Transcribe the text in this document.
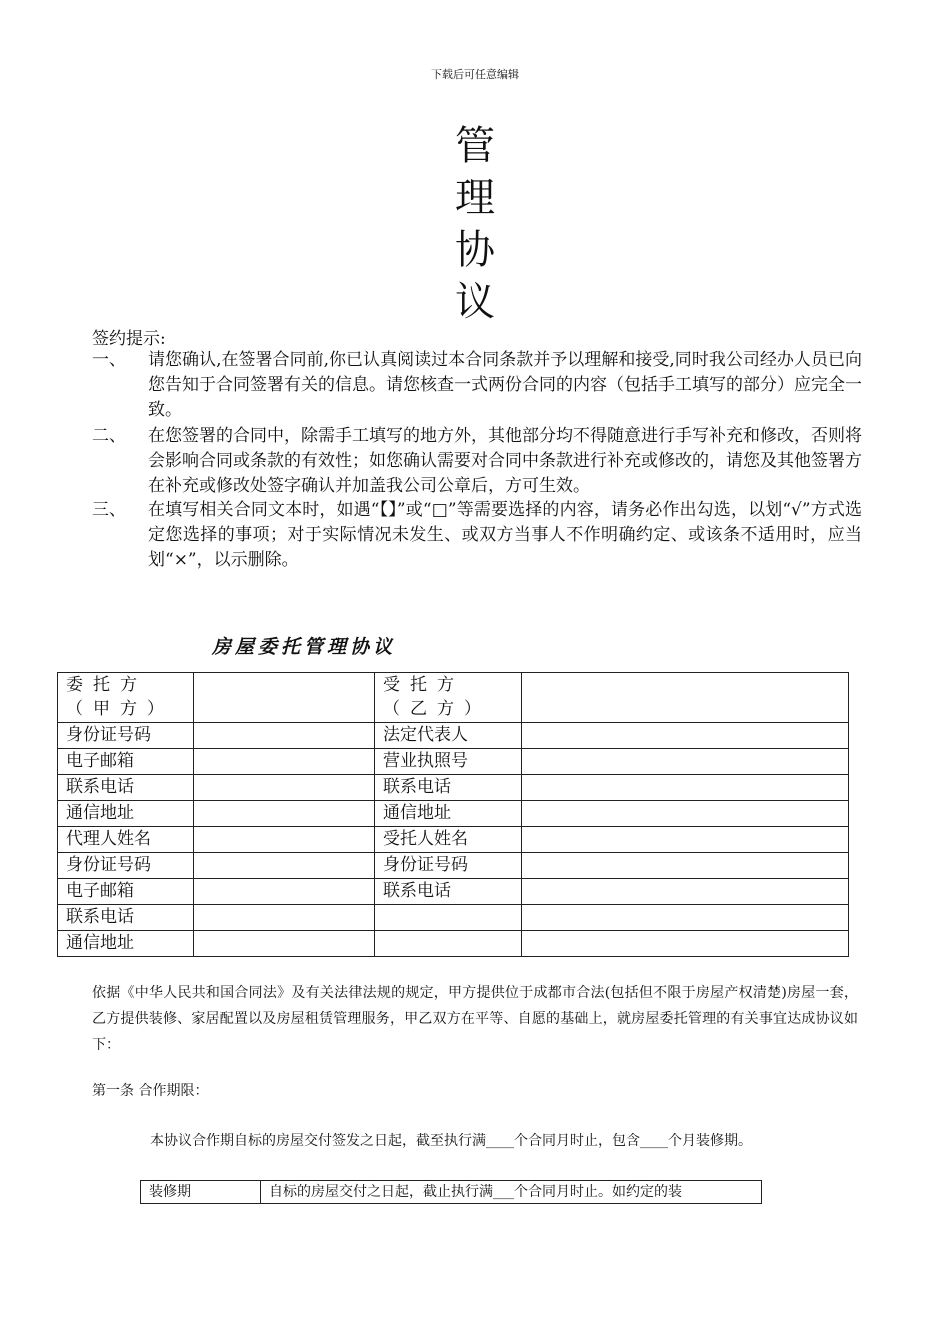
下载后可任意编辑
管
理
协
议
签约提示:
一、 请您确认,在签署合同前,你已认真阅读过本合同条款并予以理解和接受,同时我公司经办人员已向您告知于合同签署有关的信息。请您核查一式两份合同的内容（包括手工填写的部分）应完全一致。
二、 在您签署的合同中，除需手工填写的地方外，其他部分均不得随意进行手写补充和修改，否则将会影响合同或条款的有效性；如您确认需要对合同中条款进行补充或修改的，请您及其他签署方在补充或修改处签字确认并加盖我公司公章后，方可生效。
三、 在填写相关合同文本时，如遇“【】”或“□”等需要选择的内容，请务必作出勾选，以划“√”方式选定您选择的事项；对于实际情况未发生、或双方当事人不作明确约定、或该条不适用时，应当划“×”，以示删除。
房屋委托管理协议
委托方（甲方）		受托方（乙方）	
身份证号码		法定代表人	
电子邮箱		营业执照号	
联系电话		联系电话	
通信地址		通信地址	
代理人姓名		受托人姓名	
身份证号码		身份证号码	
电子邮箱		联系电话	
联系电话			
通信地址			
依据《中华人民共和国合同法》及有关法律法规的规定，甲方提供位于成都市合法(包括但不限于房屋产权清楚)房屋一套，乙方提供装修、家居配置以及房屋租赁管理服务，甲乙双方在平等、自愿的基础上，就房屋委托管理的有关事宜达成协议如下：
第一条 合作期限：
本协议合作期自标的房屋交付签发之日起，截至执行满____个合同月时止，包含____个月装修期。
装修期	自标的房屋交付之日起，截止执行满___个合同月时止。如约定的装
